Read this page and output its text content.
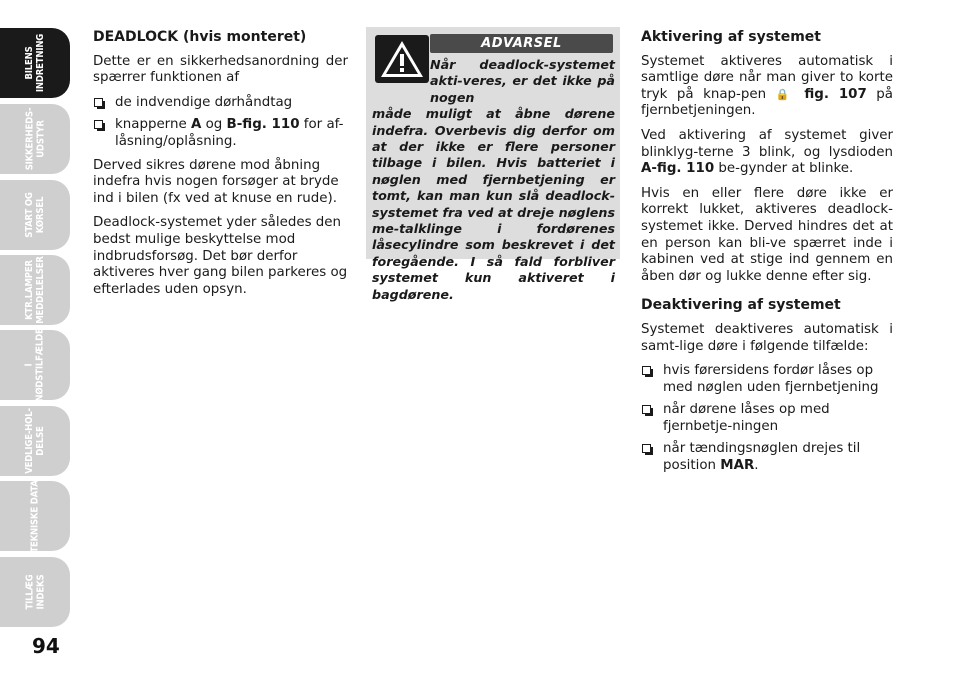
BILENS
INDRETNING
SIKKERHEDS-
UDSTYR
START OG
KØRSEL
KTR.LAMPER
MEDDELELSER
I
NØDSTILFÆLDE
VEDLIGE-HOL-
DELSE
TEKNISKE DATA
TILLÆG
INDEKS
94

DEADLOCK (hvis monteret)

Dette er en sikkerhedsanordning der spærrer funktionen af

de indvendige dørhåndtag
knapperne A og B-fig. 110 for af-låsning/oplåsning.

Derved sikres dørene mod åbning indefra hvis nogen forsøger at bryde ind i bilen (fx ved at knuse en rude).

Deadlock-systemet yder således den bedst mulige beskyttelse mod indbrudsforsøg. Det bør derfor aktiveres hver gang bilen parkeres og efterlades uden opsyn.

ADVARSEL
Når deadlock-systemet akti-veres, er det ikke på nogen
måde muligt at åbne dørene indefra. Overbevis dig derfor om at der ikke er flere personer tilbage i bilen. Hvis batteriet i nøglen med fjernbetjening er tomt, kan man kun slå deadlock-systemet fra ved at dreje nøglens me-talklinge i fordørenes låsecylindre som beskrevet i det foregående. I så fald forbliver systemet kun aktiveret i bagdørene.

Aktivering af systemet

Systemet aktiveres automatisk i samtlige døre når man giver to korte tryk på knap-pen 🔒 fig. 107 på fjernbetjeningen.

Ved aktivering af systemet giver blinklyg-terne 3 blink, og lysdioden A-fig. 110 be-gynder at blinke.

Hvis en eller flere døre ikke er korrekt lukket, aktiveres deadlock-systemet ikke. Derved hindres det at en person kan bli-ve spærret inde i kabinen ved at stige ind gennem en åben dør og lukke denne efter sig.

Deaktivering af systemet

Systemet deaktiveres automatisk i samt-lige døre i følgende tilfælde:

hvis førersidens fordør låses op med nøglen uden fjernbetjening
når dørene låses op med fjernbetje-ningen
når tændingsnøglen drejes til position MAR.
